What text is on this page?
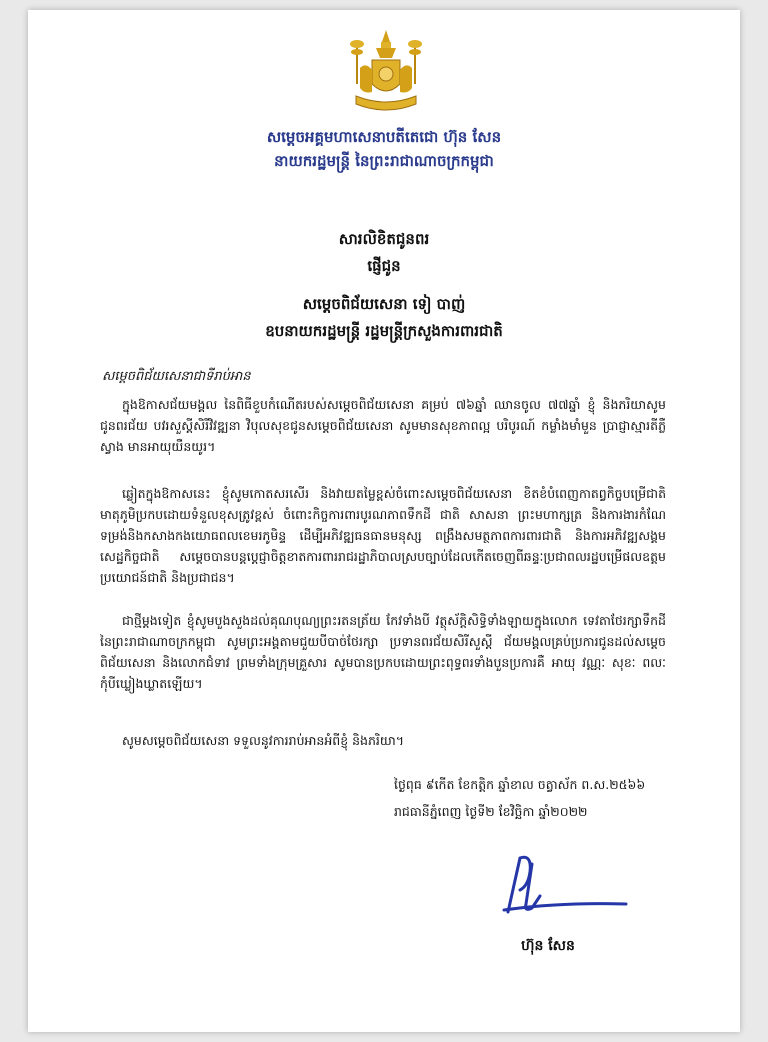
សម្ដេចអគ្គមហាសេនាបតីតេជោ ហ៊ុន សែន
នាយករដ្ឋមន្ត្រី នៃព្រះរាជាណាចក្រកម្ពុជា
សារលិខិតជូនពរ
ផ្ញើជូន
សម្ដេចពិជ័យសេនា ទៀ បាញ់
ឧបនាយករដ្ឋមន្ត្រី រដ្ឋមន្ត្រីក្រសួងការពារជាតិ
សម្ដេចពិជ័យសេនាជាទីរាប់អាន
ក្នុងឱកាសជ័យមង្គល នៃពិធីខួបកំណើតរបស់សម្ដេចពិជ័យសេនា គម្រប់ ៧៦ឆ្នាំ ឈានចូល ៧៧ឆ្នាំ ខ្ញុំ និងភរិយាសូមជូនពរជ័យ បវរសួស្ដីសិរីវិវឌ្ឍនា វិបុលសុខជូនសម្ដេចពិជ័យសេនា សូមមានសុខភាពល្អ បរិបូរណ៍ កម្លាំងមាំមួន ប្រាជ្ញាស្មារតីភ្លឺស្វាង មានអាយុយឺនយូរ។
ឆ្លៀតក្នុងឱកាសនេះ ខ្ញុំសូមកោតសរសើរ និងវាយតម្លៃខ្ពស់ចំពោះសម្ដេចពិជ័យសេនា ខិតខំបំពេញកាតព្វកិច្ចបម្រើជាតិ មាតុភូមិប្រកបដោយទំនួលខុសត្រូវខ្ពស់ ចំពោះកិច្ចការពារបូរណភាពទឹកដី ជាតិ សាសនា ព្រះមហាក្សត្រ និងការងារកំណែទម្រង់និងកសាងកងយោធពលខេមរភូមិន្ទ ដើម្បីអភិវឌ្ឍធនធានមនុស្ស ពង្រឹងសមត្ថភាពការពារជាតិ និងការអភិវឌ្ឍសង្គម សេដ្ឋកិច្ចជាតិ សម្ដេចបានបន្តប្ដេជ្ញាចិត្តខាតការពាររាជរដ្ឋាភិបាលស្របច្បាប់ដែលកើតចេញពីឆន្ទៈប្រជាពលរដ្ឋបម្រើផលឧត្តមប្រយោជន៍ជាតិ និងប្រជាជន។
ជាថ្មីម្ដងទៀត ខ្ញុំសូមបួងសួងដល់គុណបុណ្យព្រះរតនត្រ័យ កែវទាំងបី វត្ថុស័ក្ដិសិទ្ធិទាំងឡាយក្នុងលោក ទេវតាថែរក្សាទឹកដីនៃព្រះរាជាណាចក្រកម្ពុជា សូមព្រះអង្គតាមជួយបីបាច់ថែរក្សា ប្រទានពរជ័យសិរីសួស្ដី ជ័យមង្គលគ្រប់ប្រការជូនដល់សម្ដេចពិជ័យសេនា និងលោកជំទាវ ព្រមទាំងក្រុមគ្រួសារ សូមបានប្រកបដោយព្រះពុទ្ធពរទាំងបួនប្រការគឺ អាយុ វណ្ណៈ សុខៈ ពលៈ កុំបីឃ្លៀងឃ្លាតឡើយ។
សូមសម្ដេចពិជ័យសេនា ទទួលនូវការរាប់អានអំពីខ្ញុំ និងភរិយា។
ថ្ងៃពុធ ៩កើត ខែកត្ដិក ឆ្នាំខាល ចត្វាស័ក ព.ស.២៥៦៦
រាជធានីភ្នំពេញ ថ្ងៃទី២ ខែវិច្ឆិកា ឆ្នាំ២០២២
ហ៊ុន សែន
